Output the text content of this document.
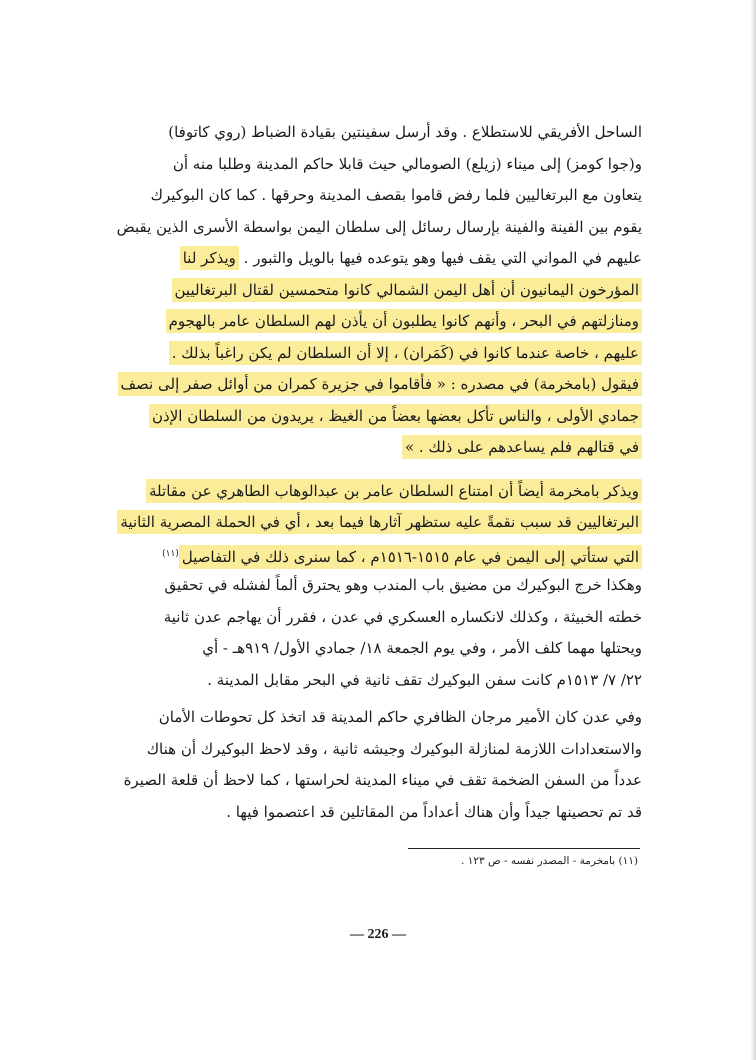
الساحل الأفريقي للاستطلاع . وقد أرسل سفينتين بقيادة الضباط (روي كاتوفا)
و(جوا كومز) إلى ميناء (زيلع) الصومالي حيث قابلا حاكم المدينة وطلبا منه أن
يتعاون مع البرتغاليين فلما رفض قاموا بقصف المدينة وحرقها . كما كان البوكيرك
يقوم بين الفينة والفينة بإرسال رسائل إلى سلطان اليمن بواسطة الأسرى الذين يقبض
عليهم في المواني التي يقف فيها وهو يتوعده فيها بالويل والثبور . ويذكر لنا
المؤرخون اليمانيون أن أهل اليمن الشمالي كانوا متحمسين لقتال البرتغاليين
ومنازلتهم في البحر ، وأنهم كانوا يطلبون أن يأذن لهم السلطان عامر بالهجوم
عليهم ، خاصة عندما كانوا في (كَمَران) ، إلا أن السلطان لم يكن راغباً بذلك .
فيقول (بامخرمة) في مصدره : « فأقاموا في جزيرة كمران من أوائل صفر إلى نصف
جمادي الأولى ، والناس تأكل بعضها بعضاً من الغيظ ، يريدون من السلطان الإذن
في قتالهم فلم يساعدهم على ذلك . »
ويذكر بامخرمة أيضاً أن امتناع السلطان عامر بن عبدالوهاب الطاهري عن مقاتلة
البرتغاليين قد سبب نقمةً عليه ستظهر آثارها فيما بعد ، أي في الحملة المصرية الثانية
التي ستأتي إلى اليمن في عام ١٥١٥-١٥١٦م ، كما سنرى ذلك في التفاصيل$^{(١١)}$
وهكذا خرج البوكيرك من مضيق باب المندب وهو يحترق ألماً لفشله في تحقيق
خطته الخبيثة ، وكذلك لانكساره العسكري في عدن ، فقرر أن يهاجم عدن ثانية
ويحتلها مهما كلف الأمر ، وفي يوم الجمعة ١٨/ جمادي الأول/ ٩١٩هـ - أي
٢٢/ ٧/ ١٥١٣م كانت سفن البوكيرك تقف ثانية في البحر مقابل المدينة .
وفي عدن كان الأمير مرجان الظافري حاكم المدينة قد اتخذ كل تحوطات الأمان
والاستعدادات اللازمة لمنازلة البوكيرك وجيشه ثانية ، وقد لاحظ البوكيرك أن هناك
عدداً من السفن الضخمة تقف في ميناء المدينة لحراستها ، كما لاحظ أن قلعة الصيرة
قد تم تحصينها جيداً وأن هناك أعداداً من المقاتلين قد اعتصموا فيها .
(١١) بامخرمة - المصدر نفسه - ص ١٢٣ .
— 226 —
